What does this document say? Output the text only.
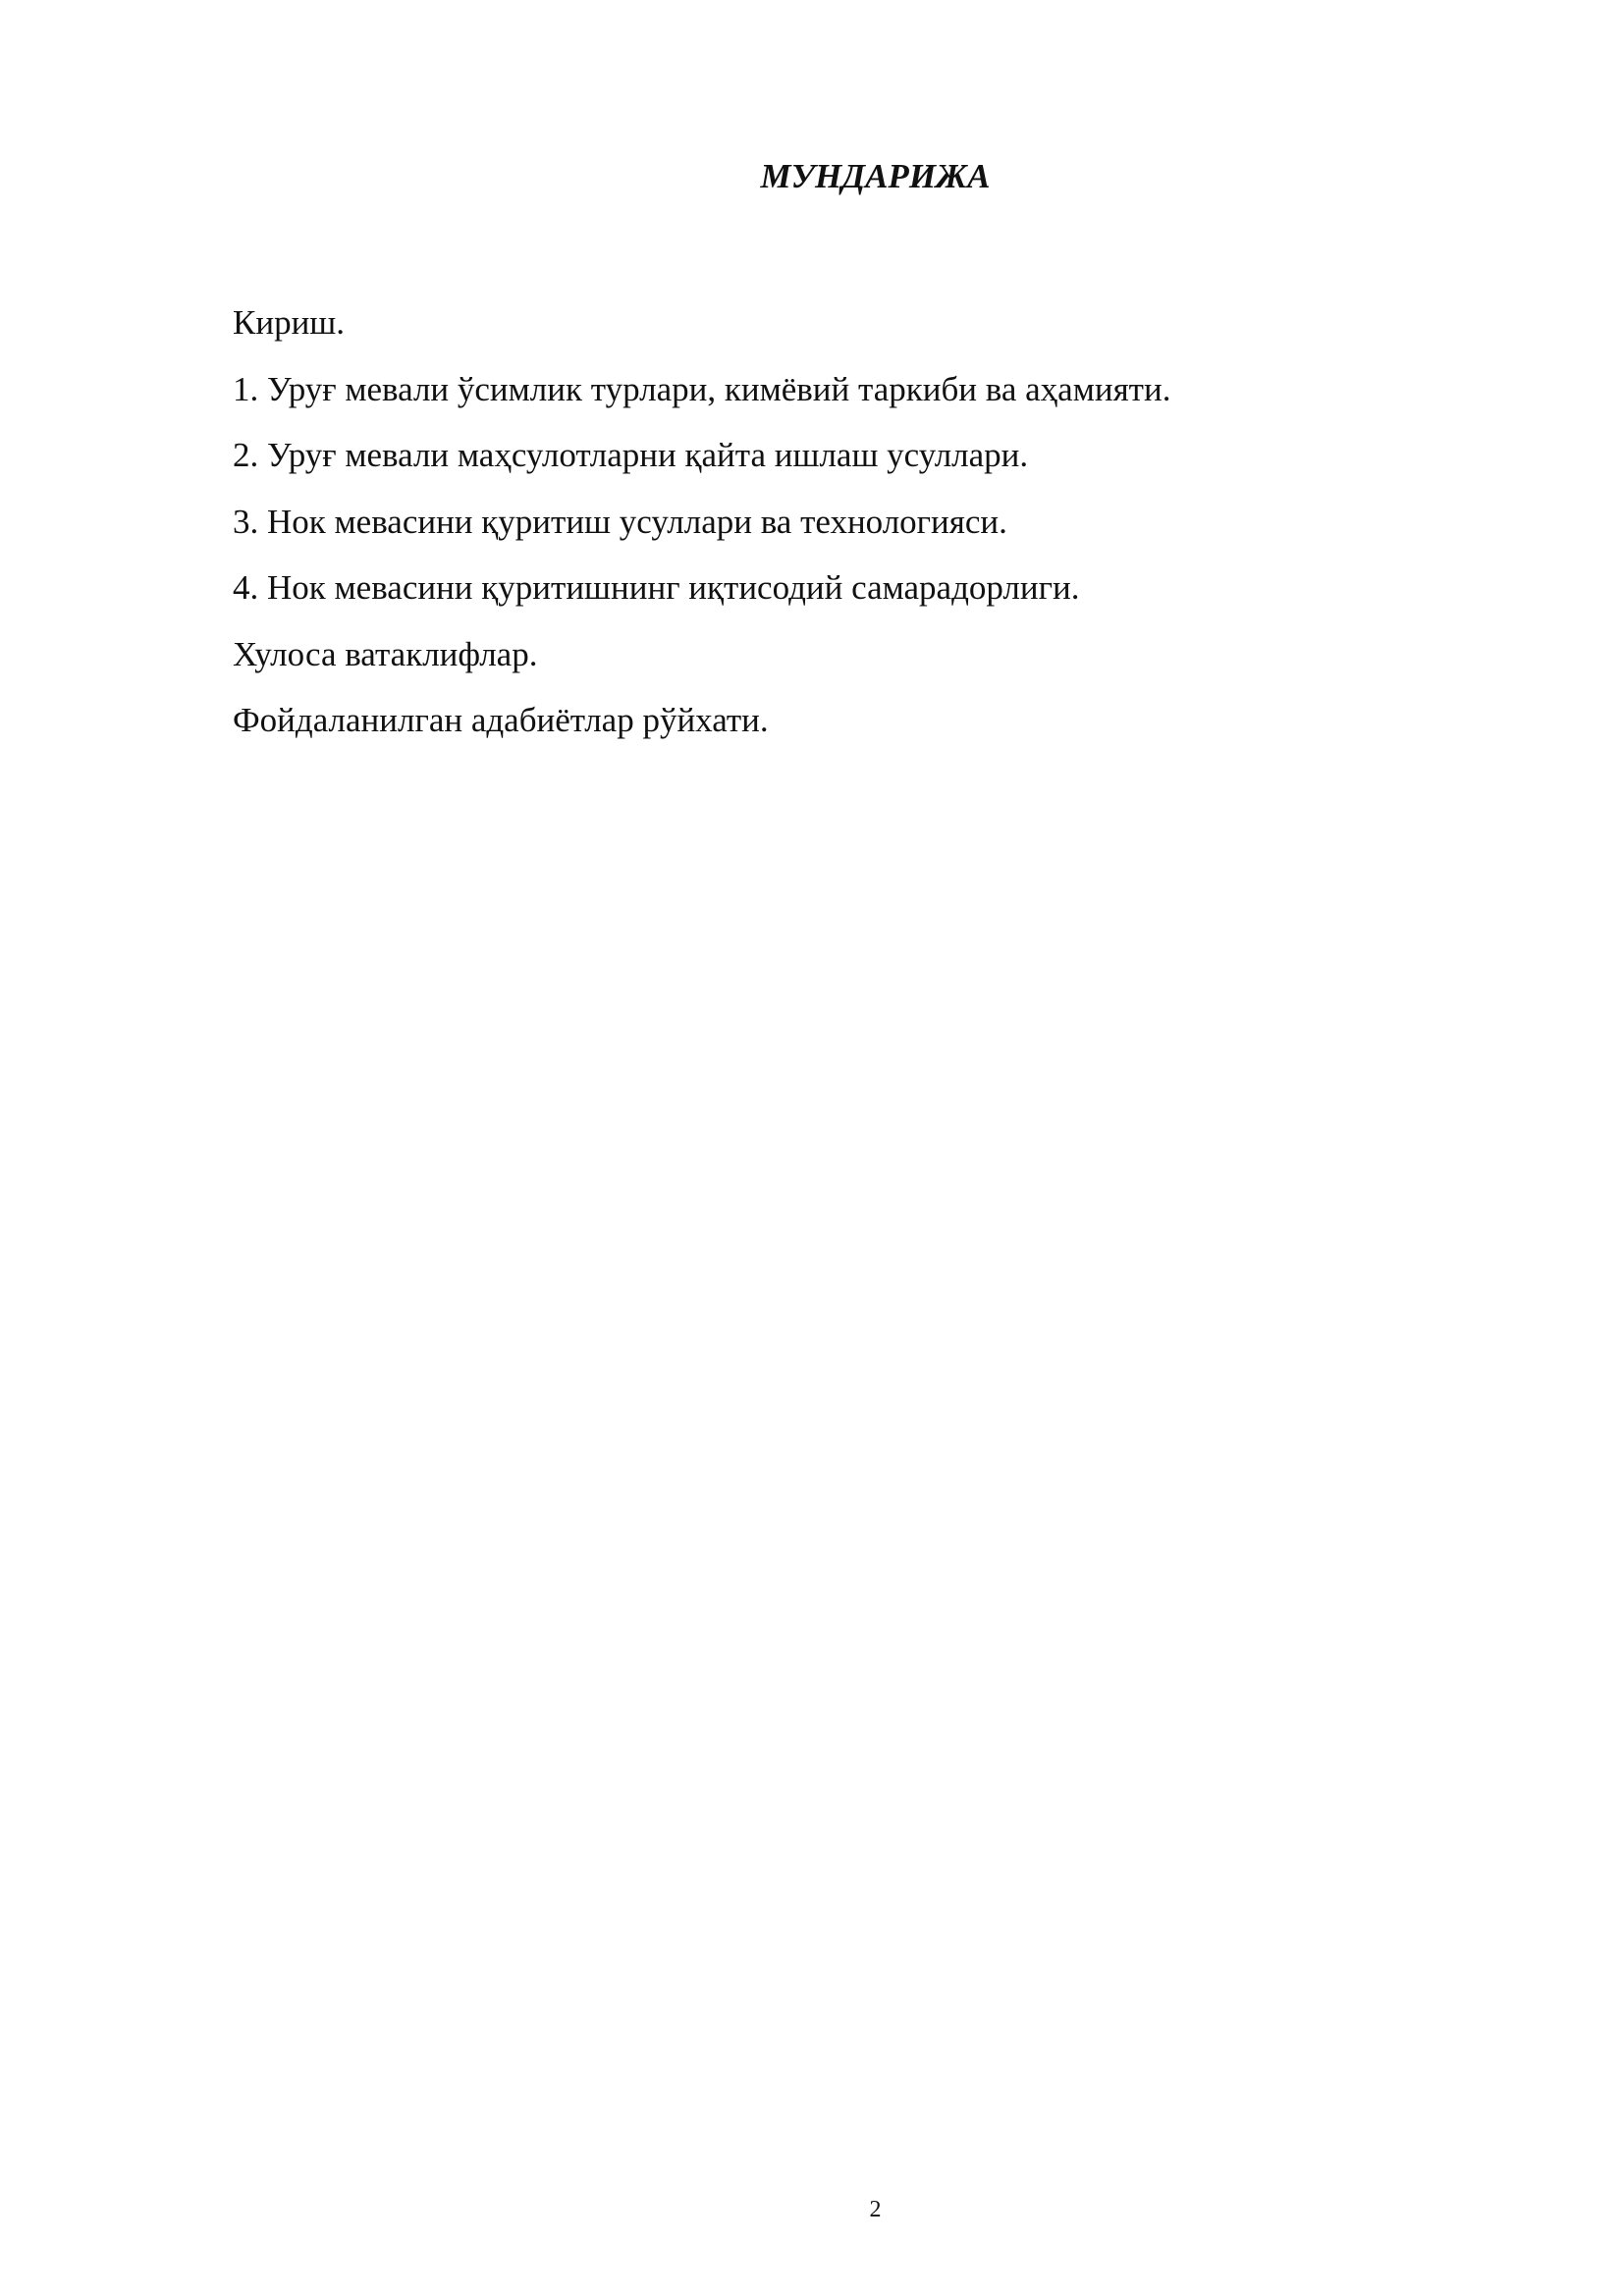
МУНДАРИЖА
Кириш.
1. Уруғ мевали ўсимлик турлари, кимёвий таркиби ва аҳамияти.
2. Уруғ мевали маҳсулотларни қайта ишлаш усуллари.
3. Нок мевасини қуритиш усуллари ва технологияси.
4. Нок мевасини қуритишнинг иқтисодий самарадорлиги.
Хулоса ватаклифлар.
Фойдаланилган адабиётлар рўйхати.
2
